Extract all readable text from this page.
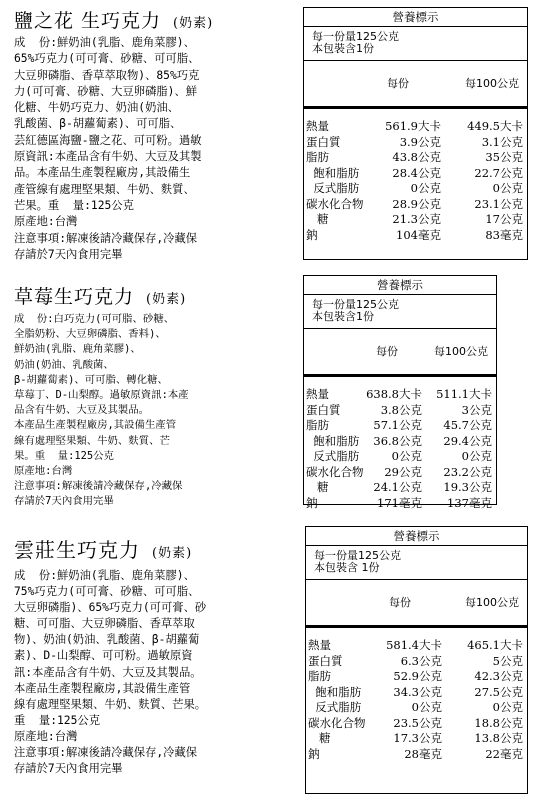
鹽之花 生巧克力 (奶素)
成  份:鮮奶油(乳脂、鹿角菜膠)、
65%巧克力(可可膏、砂糖、可可脂、
大豆卵磷脂、香草萃取物)、85%巧克
力(可可膏、砂糖、大豆卵磷脂)、鮮
化糖、牛奶巧克力、奶油(奶油、
乳酸菌、β-胡蘿蔔素)、可可脂、
芸紅德區海鹽-鹽之花、可可粉。過敏
原資訊:本產品含有牛奶、大豆及其製
品。本產品生產製程廠房,其設備生
產管線有處理堅果類、牛奶、麩質、
芒果。重  量:125公克
原產地:台灣
注意事項:解凍後請冷藏保存,冷藏保
存請於7天內食用完畢
營養標示
每一份量125公克
本包裝含1份
每份	每100公克
熱量	561.9大卡 449.5大卡
蛋白質	3.9公克	3.1公克
脂肪	43.8公克	35公克
飽和脂肪	28.4公克	22.7公克
反式脂肪	0公克	0公克
碳水化合物	28.9公克	23.1公克
糖	21.3公克	17公克
鈉	104毫克	83毫克
草莓生巧克力 (奶素)
成  份:白巧克力(可可脂、砂糖、
全脂奶粉、大豆卵磷脂、香料)、
鮮奶油(乳脂、鹿角菜膠)、
奶油(奶油、乳酸菌、
β-胡蘿蔔素)、可可脂、轉化糖、
草莓丁、D-山梨醇。過敏原資訊:本產
品含有牛奶、大豆及其製品。
本產品生產製程廠房,其設備生產管
線有處理堅果類、牛奶、麩質、芒
果。重  量:125公克
原產地:台灣
注意事項:解凍後請冷藏保存,冷藏保
存請於7天內食用完畢
營養標示
每一份量125公克
本包裝含1份
每份	每100公克
熱量	638.8大卡 511.1大卡
蛋白質	3.8公克	3公克
脂肪	57.1公克 45.7公克
飽和脂肪 36.8公克 29.4公克
反式脂肪	0公克	0公克
碳水化合物 29公克 23.2公克
糖	24.1公克 19.3公克
鈉	171毫克 137毫克
雲莊生巧克力 (奶素)
成  份:鮮奶油(乳脂、鹿角菜膠)、
75%巧克力(可可膏、砂糖、可可脂、
大豆卵磷脂)、65%巧克力(可可膏、砂
糖、可可脂、大豆卵磷脂、香草萃取
物)、奶油(奶油、乳酸菌、β-胡蘿蔔
素)、D-山梨醇、可可粉。過敏原資
訊:本產品含有牛奶、大豆及其製品。
本產品生產製程廠房,其設備生產管
線有處理堅果類、牛奶、麩質、芒果。
重  量:125公克
原產地:台灣
注意事項:解凍後請冷藏保存,冷藏保
存請於7天內食用完畢
營養標示
每一份量125公克
本包裝含 1份
每份	每100公克
熱量	581.4大卡 465.1大卡
蛋白質	6.3公克	5公克
脂肪	52.9公克	42.3公克
飽和脂肪	34.3公克	27.5公克
反式脂肪	0公克	0公克
碳水化合物 23.5公克	18.8公克
糖	17.3公克	13.8公克
鈉	28毫克	22毫克
